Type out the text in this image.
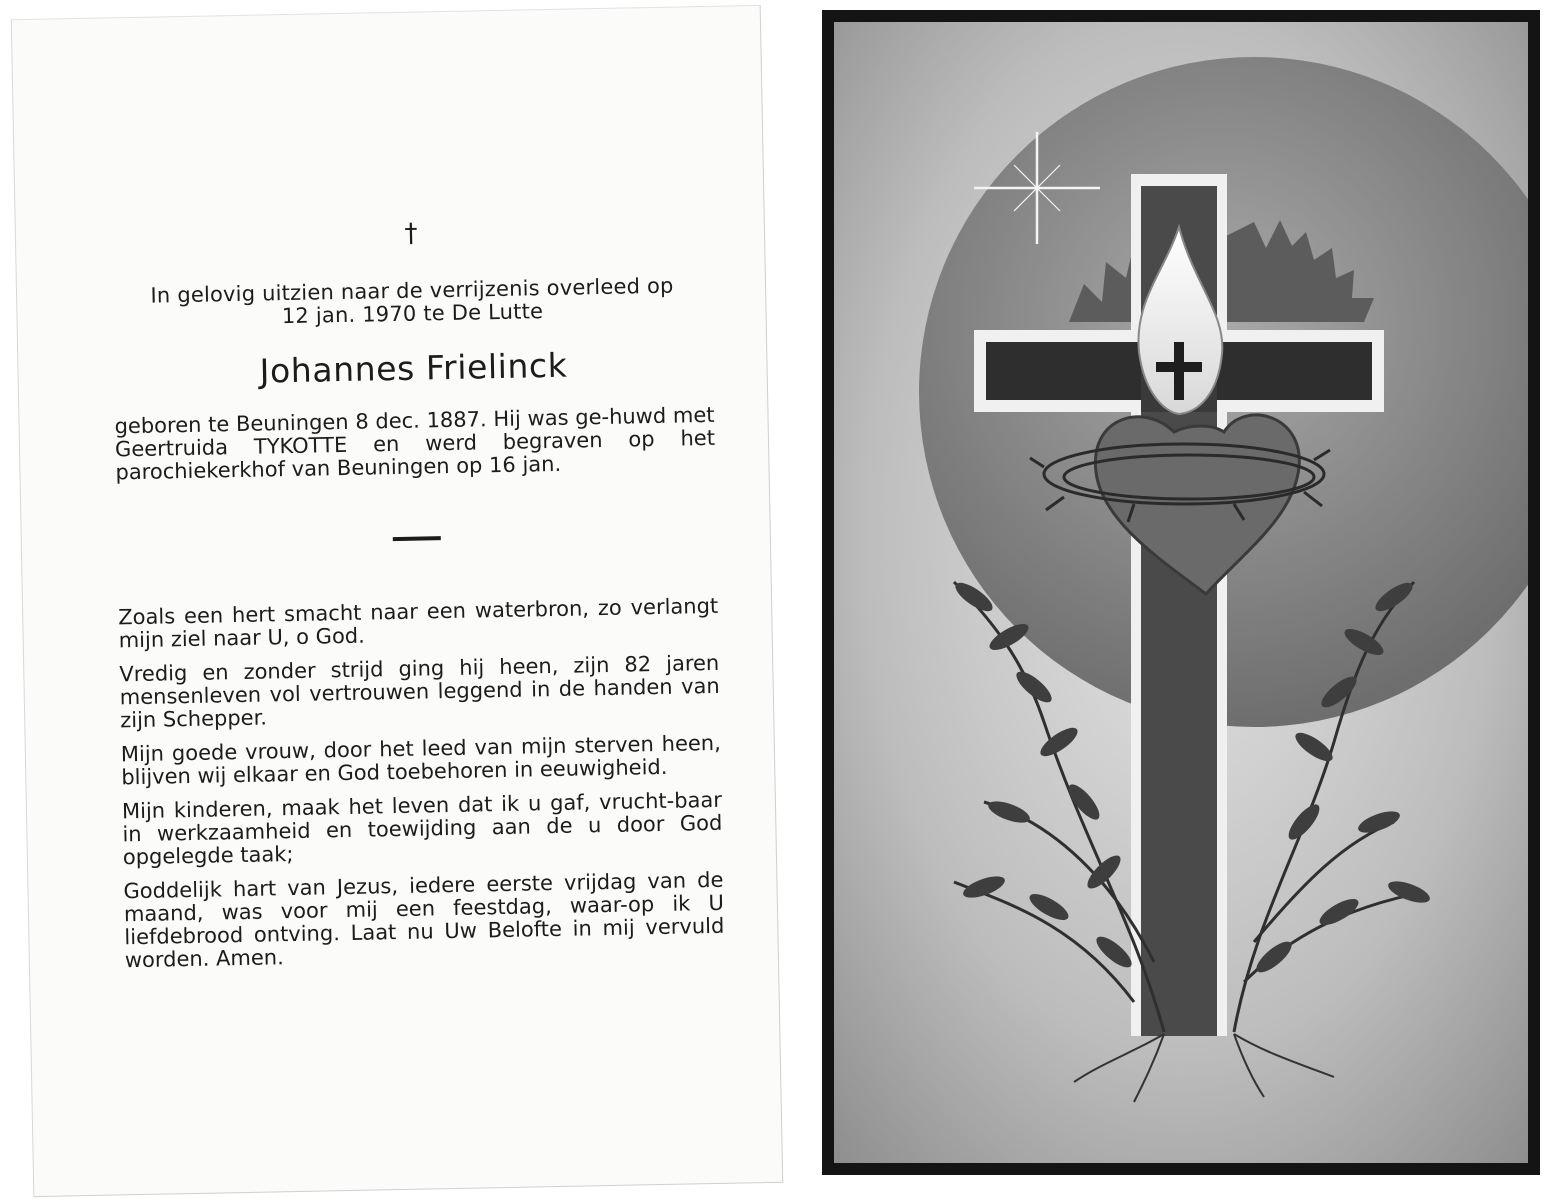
†
In gelovig uitzien naar de verrijzenis overleed op
12 jan. 1970 te De Lutte
Johannes Frielinck
geboren te Beuningen 8 dec. 1887. Hij was ge-huwd met Geertruida TYKOTTE en werd begraven op het parochiekerkhof van Beuningen op 16 jan.
Zoals een hert smacht naar een waterbron, zo verlangt mijn ziel naar U, o God.
Vredig en zonder strijd ging hij heen, zijn 82 jaren mensenleven vol vertrouwen leggend in de handen van zijn Schepper.
Mijn goede vrouw, door het leed van mijn sterven heen, blijven wij elkaar en God toebehoren in eeuwigheid.
Mijn kinderen, maak het leven dat ik u gaf, vrucht-baar in werkzaamheid en toewijding aan de u door God opgelegde taak;
Goddelijk hart van Jezus, iedere eerste vrijdag van de maand, was voor mij een feestdag, waar-op ik U liefdebrood ontving. Laat nu Uw Belofte in mij vervuld worden. Amen.
